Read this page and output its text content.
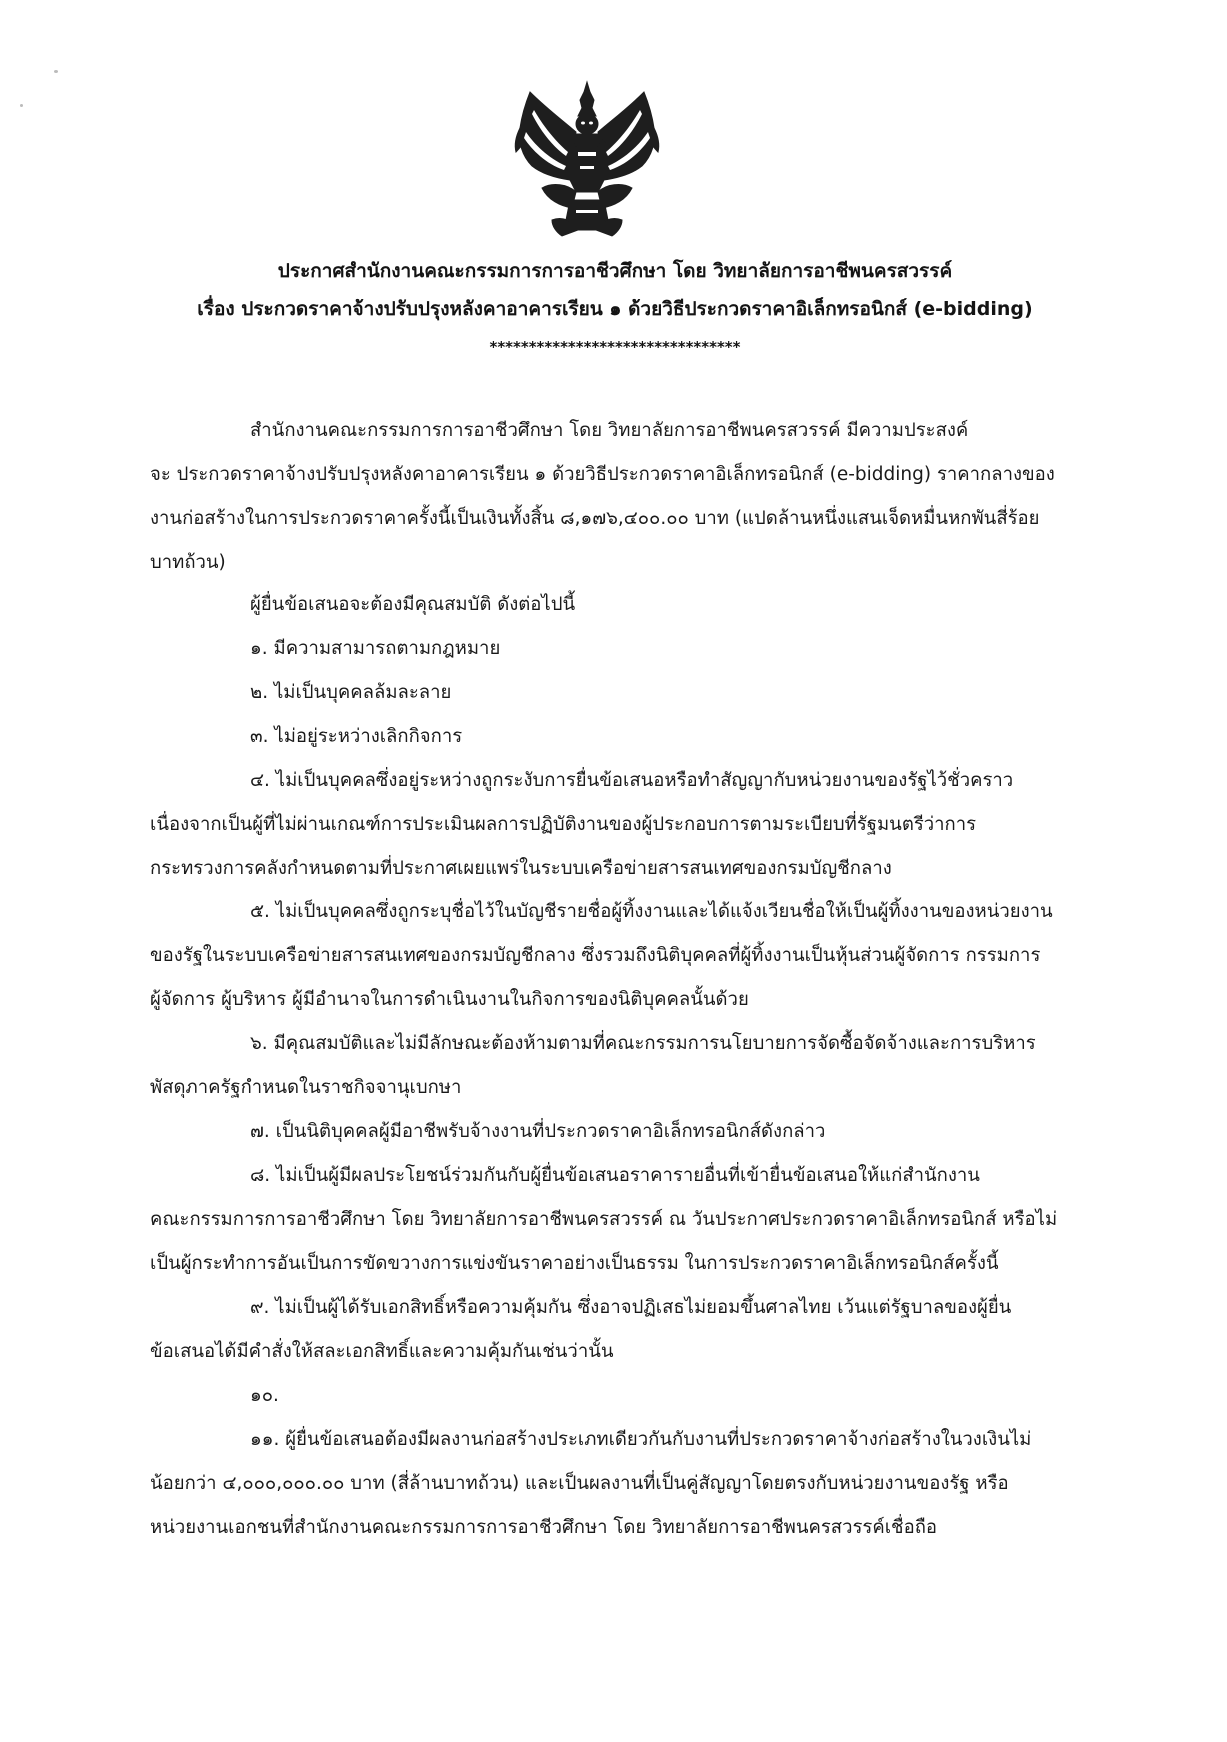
ประกาศสำนักงานคณะกรรมการการอาชีวศึกษา โดย วิทยาลัยการอาชีพนครสวรรค์
เรื่อง ประกวดราคาจ้างปรับปรุงหลังคาอาคารเรียน ๑ ด้วยวิธีประกวดราคาอิเล็กทรอนิกส์ (e-bidding)
********************************
สำนักงานคณะกรรมการการอาชีวศึกษา โดย วิทยาลัยการอาชีพนครสวรรค์ มีความประสงค์
จะ ประกวดราคาจ้างปรับปรุงหลังคาอาคารเรียน ๑ ด้วยวิธีประกวดราคาอิเล็กทรอนิกส์ (e-bidding) ราคากลางของ
งานก่อสร้างในการประกวดราคาครั้งนี้เป็นเงินทั้งสิ้น ๘,๑๗๖,๔๐๐.๐๐ บาท (แปดล้านหนึ่งแสนเจ็ดหมื่นหกพันสี่ร้อย
บาทถ้วน)
ผู้ยื่นข้อเสนอจะต้องมีคุณสมบัติ ดังต่อไปนี้
๑. มีความสามารถตามกฎหมาย
๒. ไม่เป็นบุคคลล้มละลาย
๓. ไม่อยู่ระหว่างเลิกกิจการ
๔. ไม่เป็นบุคคลซึ่งอยู่ระหว่างถูกระงับการยื่นข้อเสนอหรือทำสัญญากับหน่วยงานของรัฐไว้ชั่วคราว
เนื่องจากเป็นผู้ที่ไม่ผ่านเกณฑ์การประเมินผลการปฏิบัติงานของผู้ประกอบการตามระเบียบที่รัฐมนตรีว่าการ
กระทรวงการคลังกำหนดตามที่ประกาศเผยแพร่ในระบบเครือข่ายสารสนเทศของกรมบัญชีกลาง
๕. ไม่เป็นบุคคลซึ่งถูกระบุชื่อไว้ในบัญชีรายชื่อผู้ทิ้งงานและได้แจ้งเวียนชื่อให้เป็นผู้ทิ้งงานของหน่วยงาน
ของรัฐในระบบเครือข่ายสารสนเทศของกรมบัญชีกลาง ซึ่งรวมถึงนิติบุคคลที่ผู้ทิ้งงานเป็นหุ้นส่วนผู้จัดการ กรรมการ
ผู้จัดการ ผู้บริหาร ผู้มีอำนาจในการดำเนินงานในกิจการของนิติบุคคลนั้นด้วย
๖. มีคุณสมบัติและไม่มีลักษณะต้องห้ามตามที่คณะกรรมการนโยบายการจัดซื้อจัดจ้างและการบริหาร
พัสดุภาครัฐกำหนดในราชกิจจานุเบกษา
๗. เป็นนิติบุคคลผู้มีอาชีพรับจ้างงานที่ประกวดราคาอิเล็กทรอนิกส์ดังกล่าว
๘. ไม่เป็นผู้มีผลประโยชน์ร่วมกันกับผู้ยื่นข้อเสนอราคารายอื่นที่เข้ายื่นข้อเสนอให้แก่สำนักงาน
คณะกรรมการการอาชีวศึกษา โดย วิทยาลัยการอาชีพนครสวรรค์ ณ วันประกาศประกวดราคาอิเล็กทรอนิกส์ หรือไม่
เป็นผู้กระทำการอันเป็นการขัดขวางการแข่งขันราคาอย่างเป็นธรรม ในการประกวดราคาอิเล็กทรอนิกส์ครั้งนี้
๙. ไม่เป็นผู้ได้รับเอกสิทธิ์หรือความคุ้มกัน ซึ่งอาจปฏิเสธไม่ยอมขึ้นศาลไทย เว้นแต่รัฐบาลของผู้ยื่น
ข้อเสนอได้มีคำสั่งให้สละเอกสิทธิ์และความคุ้มกันเช่นว่านั้น
๑๐.
๑๑. ผู้ยื่นข้อเสนอต้องมีผลงานก่อสร้างประเภทเดียวกันกับงานที่ประกวดราคาจ้างก่อสร้างในวงเงินไม่
น้อยกว่า ๔,๐๐๐,๐๐๐.๐๐ บาท (สี่ล้านบาทถ้วน) และเป็นผลงานที่เป็นคู่สัญญาโดยตรงกับหน่วยงานของรัฐ หรือ
หน่วยงานเอกชนที่สำนักงานคณะกรรมการการอาชีวศึกษา โดย วิทยาลัยการอาชีพนครสวรรค์เชื่อถือ
